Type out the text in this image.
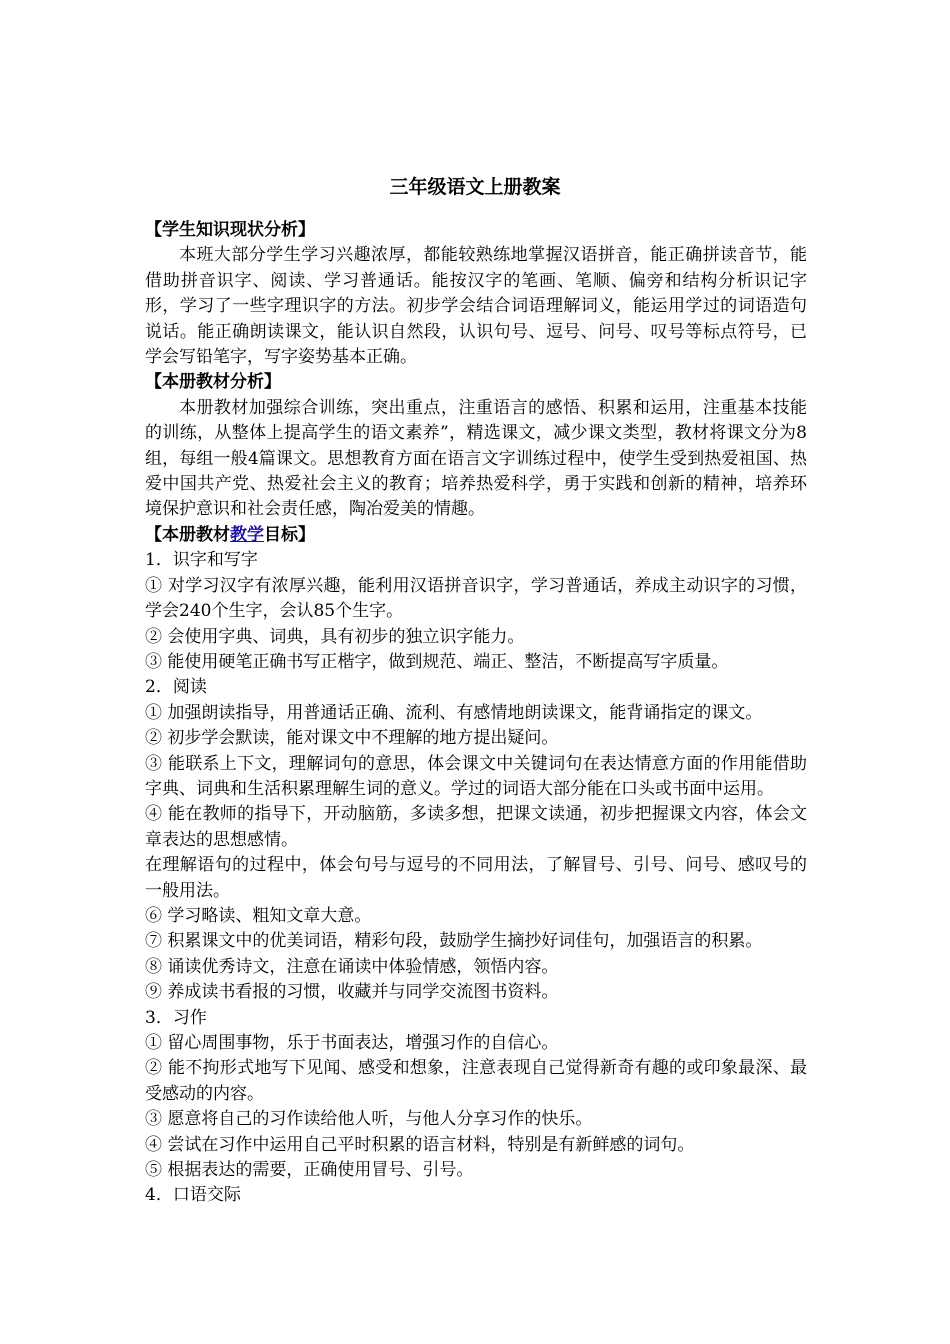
三年级语文上册教案

【学生知识现状分析】

本班大部分学生学习兴趣浓厚，都能较熟练地掌握汉语拼音，能正确拼读音节，能借助拼音识字、阅读、学习普通话。能按汉字的笔画、笔顺、偏旁和结构分析识记字形，学习了一些字理识字的方法。初步学会结合词语理解词义，能运用学过的词语造句说话。能正确朗读课文，能认识自然段，认识句号、逗号、问号、叹号等标点符号，已学会写铅笔字，写字姿势基本正确。

【本册教材分析】

本册教材加强综合训练，突出重点，注重语言的感悟、积累和运用，注重基本技能的训练，从整体上提高学生的语文素养”，精选课文，减少课文类型，教材将课文分为8组，每组一般4篇课文。思想教育方面在语言文字训练过程中，使学生受到热爱祖国、热爱中国共产党、热爱社会主义的教育；培养热爱科学，勇于实践和创新的精神，培养环境保护意识和社会责任感，陶冶爱美的情趣。

【本册教材教学目标】

1．识字和写字

① 对学习汉字有浓厚兴趣，能利用汉语拼音识字，学习普通话，养成主动识字的习惯，学会240个生字，会认85个生字。

② 会使用字典、词典，具有初步的独立识字能力。

③ 能使用硬笔正确书写正楷字，做到规范、端正、整洁，不断提高写字质量。

2．阅读

① 加强朗读指导，用普通话正确、流利、有感情地朗读课文，能背诵指定的课文。

② 初步学会默读，能对课文中不理解的地方提出疑问。

③ 能联系上下文，理解词句的意思，体会课文中关键词句在表达情意方面的作用能借助字典、词典和生活积累理解生词的意义。学过的词语大部分能在口头或书面中运用。

④ 能在教师的指导下，开动脑筋，多读多想，把课文读通，初步把握课文内容，体会文章表达的思想感情。

在理解语句的过程中，体会句号与逗号的不同用法，了解冒号、引号、问号、感叹号的一般用法。

⑥ 学习略读、粗知文章大意。

⑦ 积累课文中的优美词语，精彩句段，鼓励学生摘抄好词佳句，加强语言的积累。

⑧ 诵读优秀诗文，注意在诵读中体验情感，领悟内容。

⑨ 养成读书看报的习惯，收藏并与同学交流图书资料。

3．习作

① 留心周围事物，乐于书面表达，增强习作的自信心。

② 能不拘形式地写下见闻、感受和想象，注意表现自己觉得新奇有趣的或印象最深、最受感动的内容。

③ 愿意将自己的习作读给他人听，与他人分享习作的快乐。

④ 尝试在习作中运用自己平时积累的语言材料，特别是有新鲜感的词句。

⑤ 根据表达的需要，正确使用冒号、引号。

4．口语交际
